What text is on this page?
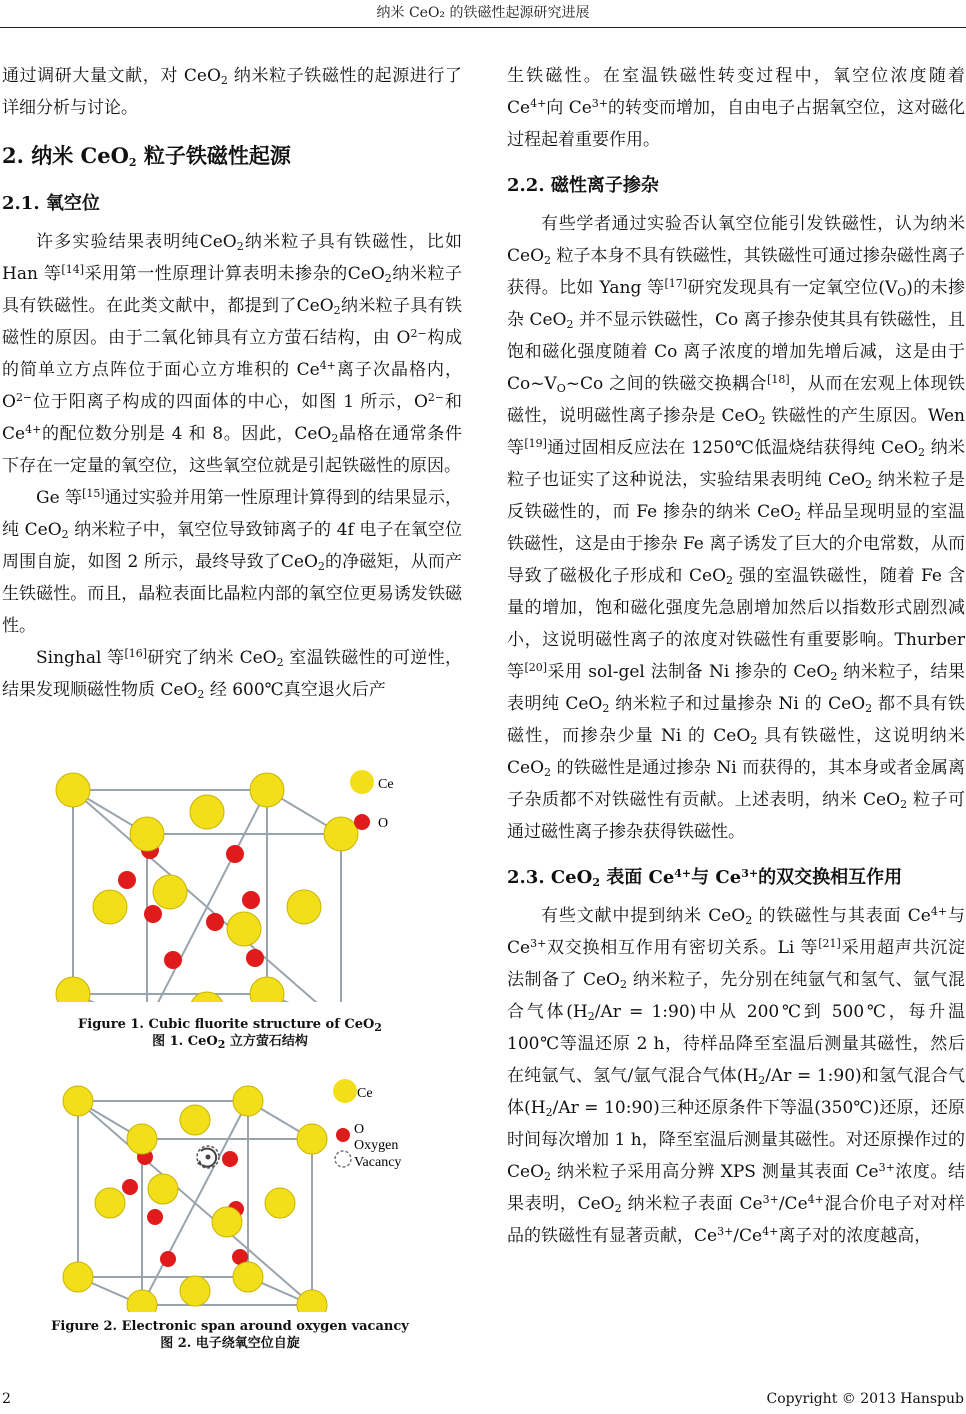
纳米 CeO₂ 的铁磁性起源研究进展

通过调研大量文献，对 CeO$_2$ 纳米粒子铁磁性的起源进行了详细分析与讨论。

2. 纳米 CeO$_2$ 粒子铁磁性起源
2.1. 氧空位

许多实验结果表明纯CeO$_2$纳米粒子具有铁磁性，比如 Han 等[14]采用第一性原理计算表明未掺杂的CeO$_2$纳米粒子具有铁磁性。在此类文献中，都提到了CeO$_2$纳米粒子具有铁磁性的原因。由于二氧化铈具有立方萤石结构，由 $O^{2-}$构成的简单立方点阵位于面心立方堆积的 $Ce^{4+}$离子次晶格内，$O^{2-}$位于阳离子构成的四面体的中心，如图 1 所示，$O^{2-}$和 $Ce^{4+}$的配位数分别是 4 和 8。因此，CeO$_2$晶格在通常条件下存在一定量的氧空位，这些氧空位就是引起铁磁性的原因。

Ge 等[15]通过实验并用第一性原理计算得到的结果显示，纯 CeO$_2$ 纳米粒子中，氧空位导致铈离子的 4f 电子在氧空位周围自旋，如图 2 所示，最终导致了CeO$_2$的净磁矩，从而产生铁磁性。而且，晶粒表面比晶粒内部的氧空位更易诱发铁磁性。

Singhal 等[16]研究了纳米 CeO$_2$ 室温铁磁性的可逆性，结果发现顺磁性物质 CeO$_2$ 经 600℃真空退火后产

Ce
O
Figure 1. Cubic fluorite structure of CeO$_2$
图 1. CeO$_2$ 立方萤石结构
Ce
O
Oxygen
Vacancy
Figure 2. Electronic span around oxygen vacancy
图 2. 电子绕氧空位自旋

生铁磁性。在室温铁磁性转变过程中，氧空位浓度随着 $Ce^{4+}$向 $Ce^{3+}$的转变而增加，自由电子占据氧空位，这对磁化过程起着重要作用。

2.2. 磁性离子掺杂

有些学者通过实验否认氧空位能引发铁磁性，认为纳米 CeO$_2$ 粒子本身不具有铁磁性，其铁磁性可通过掺杂磁性离子获得。比如 Yang 等[17]研究发现具有一定氧空位$(V_O)$的未掺杂 CeO$_2$ 并不显示铁磁性，Co 离子掺杂使其具有铁磁性，且饱和磁化强度随着 Co 离子浓度的增加先增后减，这是由于 $Co\sim V_O\sim Co$ 之间的铁磁交换耦合[18]，从而在宏观上体现铁磁性，说明磁性离子掺杂是 CeO$_2$ 铁磁性的产生原因。Wen 等[19]通过固相反应法在 1250℃低温烧结获得纯 CeO$_2$ 纳米粒子也证实了这种说法，实验结果表明纯 CeO$_2$ 纳米粒子是反铁磁性的，而 Fe 掺杂的纳米 CeO$_2$ 样品呈现明显的室温铁磁性，这是由于掺杂 Fe 离子诱发了巨大的介电常数，从而导致了磁极化子形成和 CeO$_2$ 强的室温铁磁性，随着 Fe 含量的增加，饱和磁化强度先急剧增加然后以指数形式剧烈减小，这说明磁性离子的浓度对铁磁性有重要影响。Thurber 等[20]采用 sol-gel 法制备 Ni 掺杂的 CeO$_2$ 纳米粒子，结果表明纯 CeO$_2$ 纳米粒子和过量掺杂 Ni 的 CeO$_2$ 都不具有铁磁性，而掺杂少量 Ni 的 CeO$_2$ 具有铁磁性，这说明纳米 CeO$_2$ 的铁磁性是通过掺杂 Ni 而获得的，其本身或者金属离子杂质都不对铁磁性有贡献。上述表明，纳米 CeO$_2$ 粒子可通过磁性离子掺杂获得铁磁性。

2.3. CeO$_2$ 表面 $Ce^{4+}$与 $Ce^{3+}$的双交换相互作用

有些文献中提到纳米 CeO$_2$ 的铁磁性与其表面 $Ce^{4+}$与 $Ce^{3+}$双交换相互作用有密切关系。Li 等[21]采用超声共沉淀法制备了 CeO$_2$ 纳米粒子，先分别在纯氩气和氢气、氩气混合气体($H_2/Ar$ = 1:90)中从 200℃到 500℃，每升温 100℃等温还原 2 h，待样品降至室温后测量其磁性，然后在纯氩气、氢气/氩气混合气体($H_2/Ar$ = 1:90)和氢气混合气体($H_2/Ar$ = 10:90)三种还原条件下等温(350℃)还原，还原时间每次增加 1 h，降至室温后测量其磁性。对还原操作过的 CeO$_2$ 纳米粒子采用高分辨 XPS 测量其表面 $Ce^{3+}$浓度。结果表明，CeO$_2$ 纳米粒子表面 $Ce^{3+}/Ce^{4+}$混合价电子对对样品的铁磁性有显著贡献，$Ce^{3+}/Ce^{4+}$离子对的浓度越高，

2	Copyright © 2013 Hanspub
